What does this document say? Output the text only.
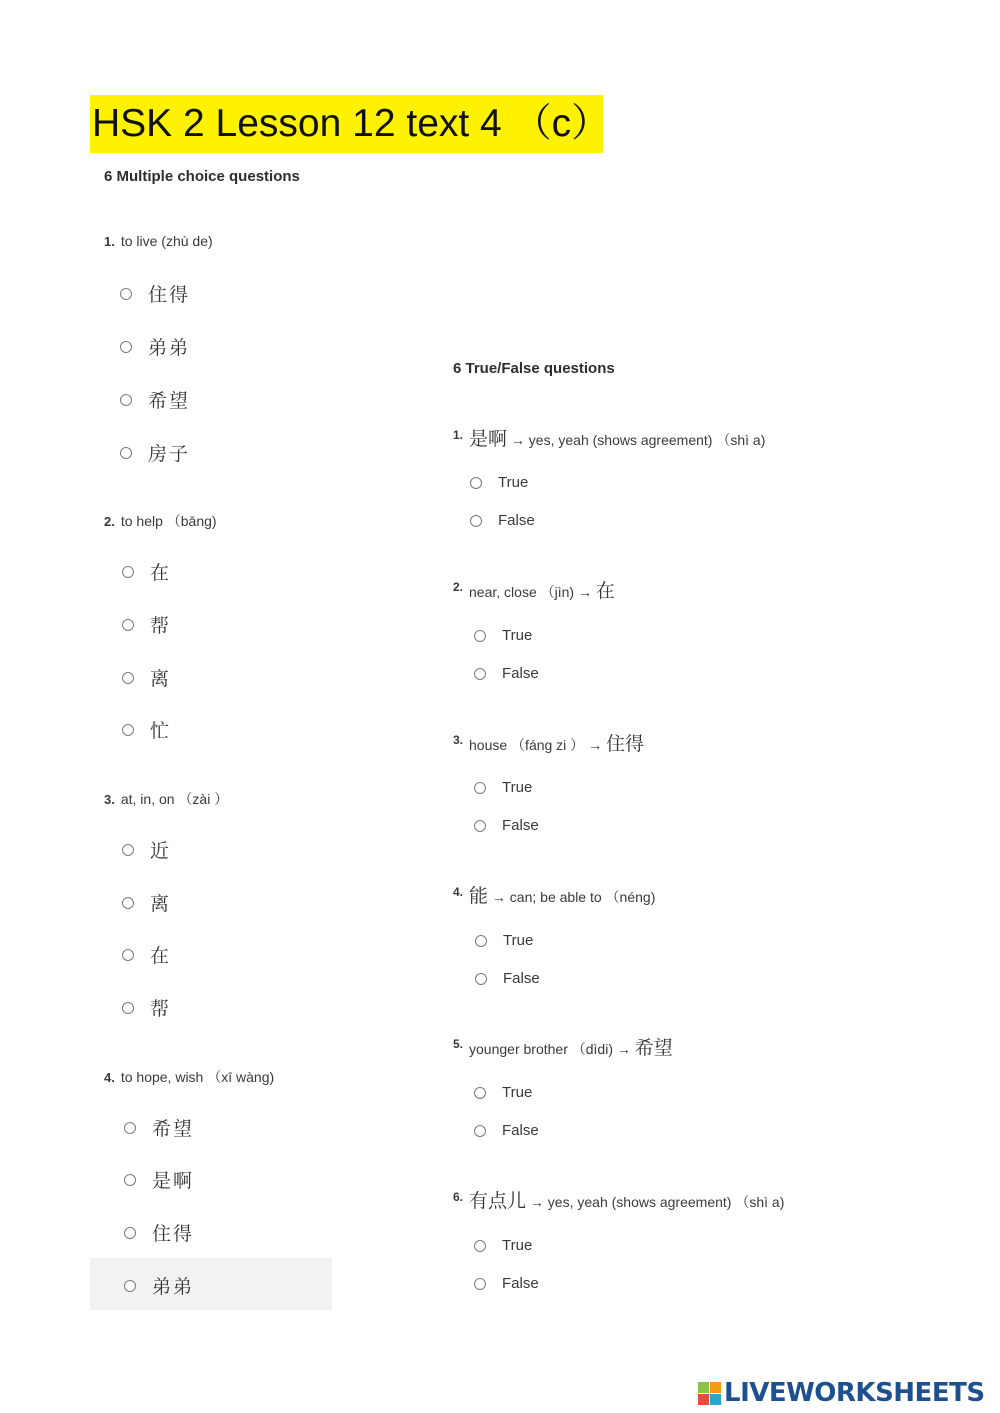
HSK 2 Lesson 12 text 4 （c）
6 Multiple choice questions
1. to live (zhù de)
住得
弟弟
希望
房子
2. to help （bāng)
在
帮
离
忙
3. at, in, on （zài ）
近
离
在
帮
4. to hope, wish （xī wàng)
希望
是啊
住得
弟弟
6 True/False questions
1. 是啊 → yes, yeah (shows agreement) （shì a)
True
False
2. near, close （jìn) → 在
True
False
3. house （fáng zi ） → 住得
True
False
4. 能 → can; be able to （néng)
True
False
5. younger brother （dìdi) → 希望
True
False
6. 有点儿 → yes, yeah (shows agreement) （shì a)
True
False
LIVEWORKSHEETS
